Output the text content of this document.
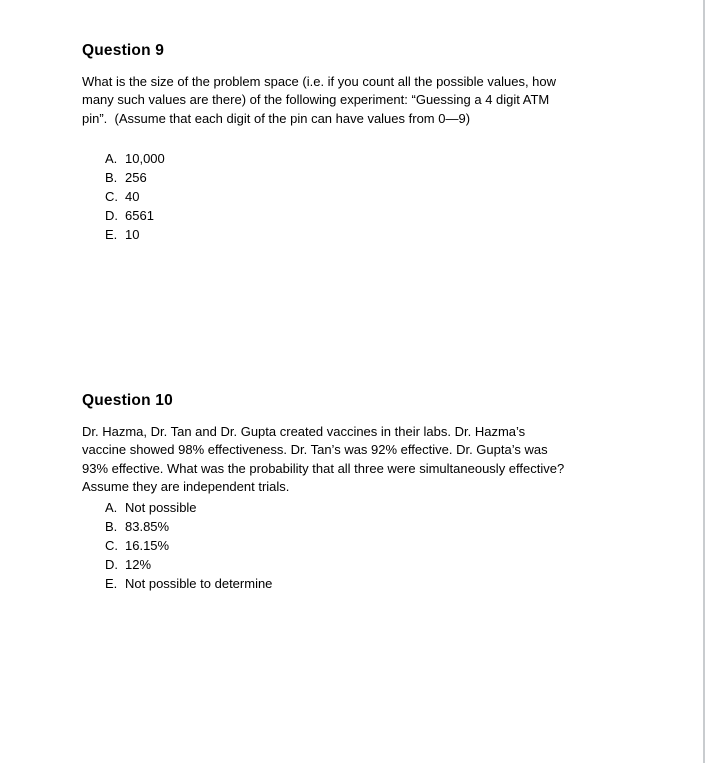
Question 9
What is the size of the problem space (i.e. if you count all the possible values, how
many such values are there) of the following experiment: “Guessing a 4 digit ATM
pin”.  (Assume that each digit of the pin can have values from 0—9)
A. 10,000
B. 256
C. 40
D. 6561
E. 10
Question 10
Dr. Hazma, Dr. Tan and Dr. Gupta created vaccines in their labs. Dr. Hazma’s
vaccine showed 98% effectiveness. Dr. Tan’s was 92% effective. Dr. Gupta’s was
93% effective. What was the probability that all three were simultaneously effective?
Assume they are independent trials.
A. Not possible
B. 83.85%
C. 16.15%
D. 12%
E. Not possible to determine
